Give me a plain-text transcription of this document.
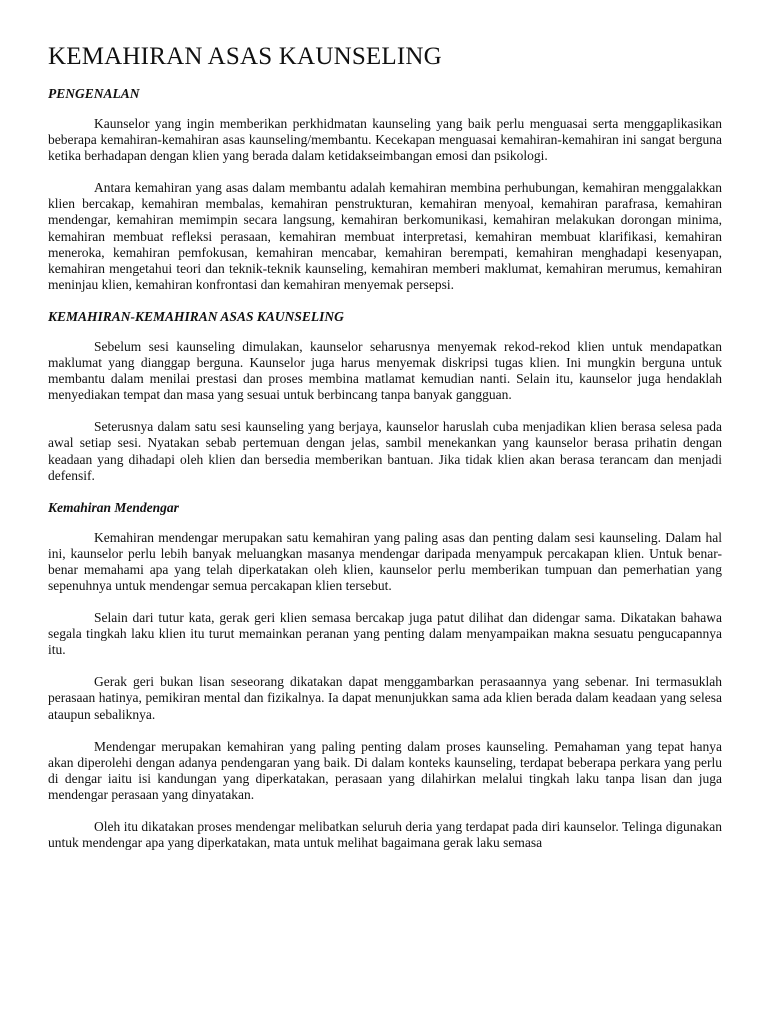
KEMAHIRAN ASAS KAUNSELING
PENGENALAN

Kaunselor yang ingin memberikan perkhidmatan kaunseling yang baik perlu menguasai serta menggaplikasikan beberapa kemahiran-kemahiran asas kaunseling/membantu. Kecekapan menguasai kemahiran-kemahiran ini sangat berguna ketika berhadapan dengan klien yang berada dalam ketidakseimbangan emosi dan psikologi.

Antara kemahiran yang asas dalam membantu adalah kemahiran membina perhubungan, kemahiran menggalakkan klien bercakap, kemahiran membalas, kemahiran penstrukturan, kemahiran menyoal, kemahiran parafrasa, kemahiran mendengar, kemahiran memimpin secara langsung, kemahiran berkomunikasi, kemahiran melakukan dorongan minima, kemahiran membuat refleksi perasaan, kemahiran membuat interpretasi, kemahiran membuat klarifikasi, kemahiran meneroka, kemahiran pemfokusan, kemahiran mencabar, kemahiran berempati, kemahiran menghadapi kesenyapan, kemahiran mengetahui teori dan teknik-teknik kaunseling, kemahiran memberi maklumat, kemahiran merumus, kemahiran meninjau klien, kemahiran konfrontasi dan kemahiran menyemak persepsi.

KEMAHIRAN-KEMAHIRAN ASAS KAUNSELING

Sebelum sesi kaunseling dimulakan, kaunselor seharusnya menyemak rekod-rekod klien untuk mendapatkan maklumat yang dianggap berguna. Kaunselor juga harus menyemak diskripsi tugas klien. Ini mungkin berguna untuk membantu dalam menilai prestasi dan proses membina matlamat kemudian nanti. Selain itu, kaunselor juga hendaklah menyediakan tempat dan masa yang sesuai untuk berbincang tanpa banyak gangguan.

Seterusnya dalam satu sesi kaunseling yang berjaya, kaunselor haruslah cuba menjadikan klien berasa selesa pada awal setiap sesi. Nyatakan sebab pertemuan dengan jelas, sambil menekankan yang kaunselor berasa prihatin dengan keadaan yang dihadapi oleh klien dan bersedia memberikan bantuan. Jika tidak klien akan berasa terancam dan menjadi defensif.

Kemahiran Mendengar

Kemahiran mendengar merupakan satu kemahiran yang paling asas dan penting dalam sesi kaunseling. Dalam hal ini, kaunselor perlu lebih banyak meluangkan masanya mendengar daripada menyampuk percakapan klien. Untuk benar-benar memahami apa yang telah diperkatakan oleh klien, kaunselor perlu memberikan tumpuan dan pemerhatian yang sepenuhnya untuk mendengar semua percakapan klien tersebut.

Selain dari tutur kata, gerak geri klien semasa bercakap juga patut dilihat dan didengar sama. Dikatakan bahawa segala tingkah laku klien itu turut memainkan peranan yang penting dalam menyampaikan makna sesuatu pengucapannya itu.

Gerak geri bukan lisan seseorang dikatakan dapat menggambarkan perasaannya yang sebenar. Ini termasuklah perasaan hatinya, pemikiran mental dan fizikalnya. Ia dapat menunjukkan sama ada klien berada dalam keadaan yang selesa ataupun sebaliknya.

Mendengar merupakan kemahiran yang paling penting dalam proses kaunseling. Pemahaman yang tepat hanya akan diperolehi dengan adanya pendengaran yang baik. Di dalam konteks kaunseling, terdapat beberapa perkara yang perlu di dengar iaitu isi kandungan yang diperkatakan, perasaan yang dilahirkan melalui tingkah laku tanpa lisan dan juga mendengar perasaan yang dinyatakan.

Oleh itu dikatakan proses mendengar melibatkan seluruh deria yang terdapat pada diri kaunselor. Telinga digunakan untuk mendengar apa yang diperkatakan, mata untuk melihat bagaimana gerak laku semasa
